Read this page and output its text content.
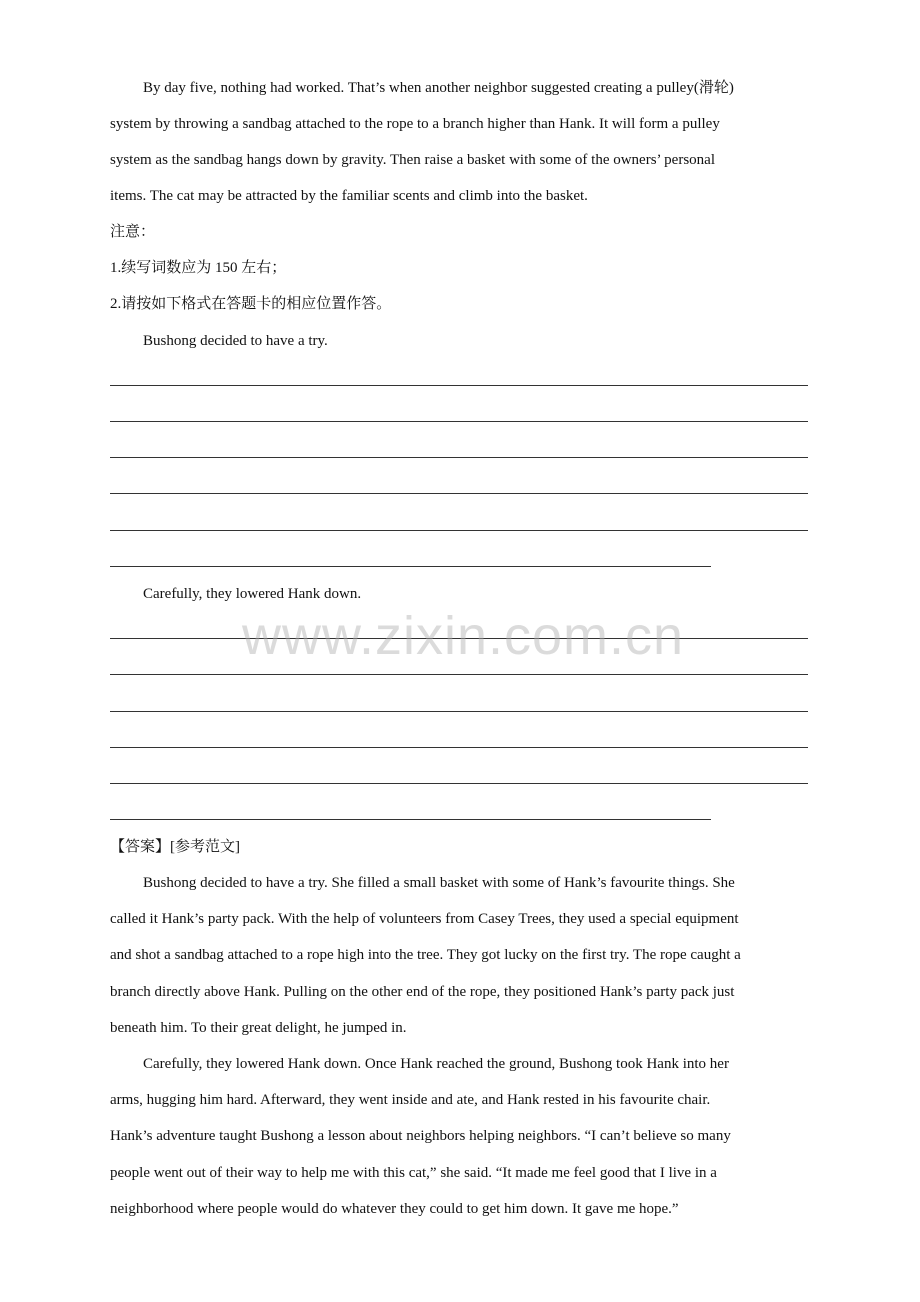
By day five, nothing had worked. That’s when another neighbor suggested creating a pulley(滑轮)

system by throwing a sandbag attached to the rope to a branch higher than Hank. It will form a pulley

system as the sandbag hangs down by gravity. Then raise a basket with some of the owners’ personal

items. The cat may be attracted by the familiar scents and climb into the basket.

注意：

1.续写词数应为 150 左右；

2.请按如下格式在答题卡的相应位置作答。

Bushong decided to have a try.

Carefully, they lowered Hank down.

【答案】[参考范文]

Bushong decided to have a try. She filled a small basket with some of Hank’s favourite things. She

called it Hank’s party pack. With the help of volunteers from Casey Trees, they used a special equipment

and shot a sandbag attached to a rope high into the tree. They got lucky on the first try. The rope caught a

branch directly above Hank. Pulling on the other end of the rope, they positioned Hank’s party pack just

beneath him. To their great delight, he jumped in.

Carefully, they lowered Hank down. Once Hank reached the ground, Bushong took Hank into her

arms, hugging him hard. Afterward, they went inside and ate, and Hank rested in his favourite chair.

Hank’s adventure taught Bushong a lesson about neighbors helping neighbors. “I can’t believe so many

people went out of their way to help me with this cat,” she said. “It made me feel good that I live in a

neighborhood where people would do whatever they could to get him down. It gave me hope.”

www.zixin.com.cn
